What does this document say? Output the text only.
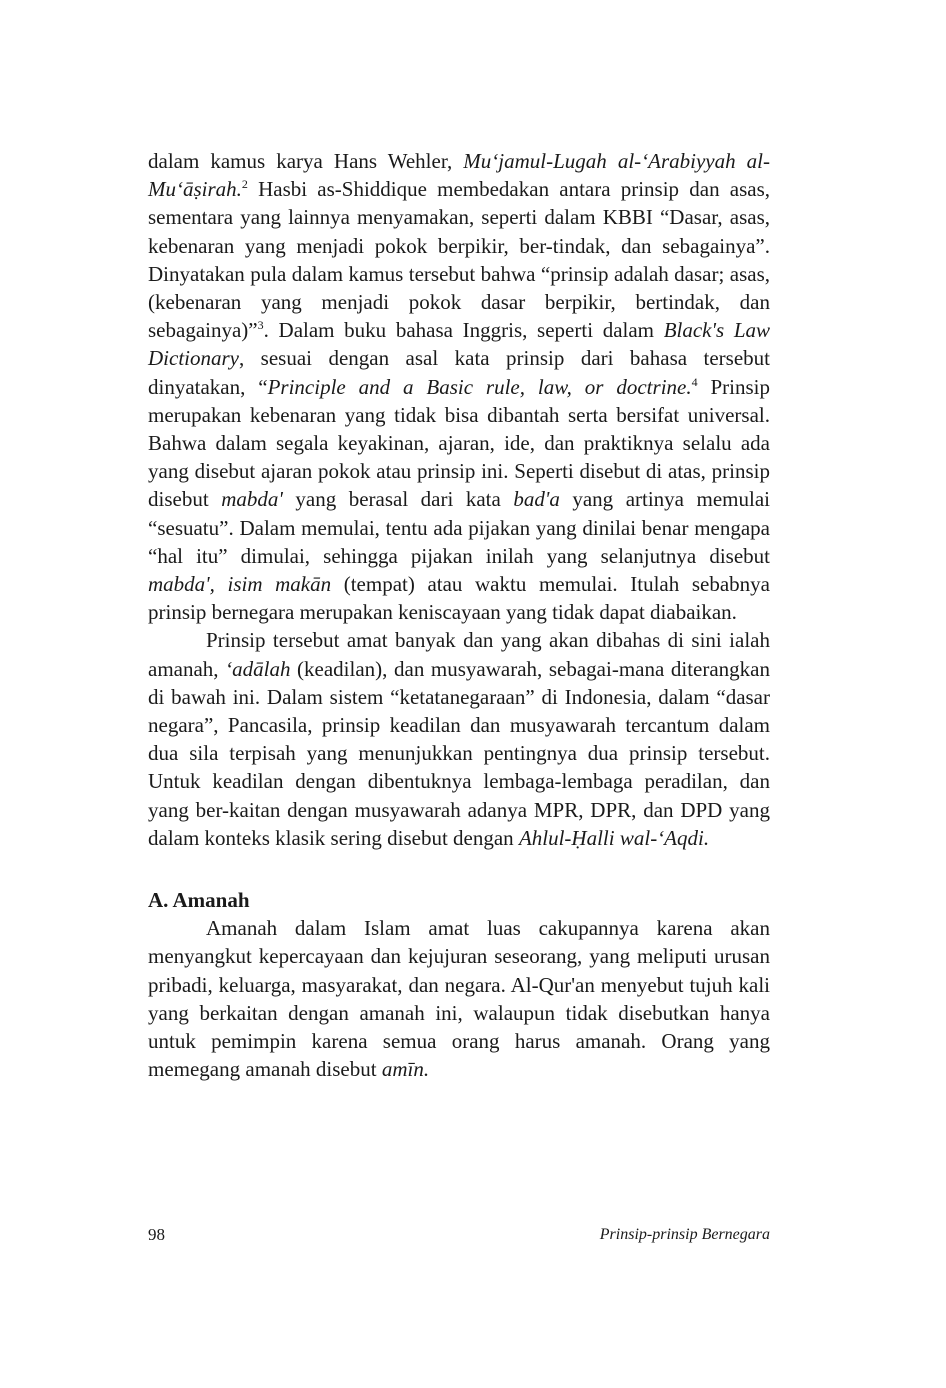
dalam kamus karya Hans Wehler, Mu‘jamul-Lugah al-‘Arabiyyah al-Mu‘āṣirah.$^2$ Hasbi as-Shiddique membedakan antara prinsip dan asas, sementara yang lainnya menyamakan, seperti dalam KBBI “Dasar, asas, kebenaran yang menjadi pokok berpikir, ber-tindak, dan sebagainya”. Dinyatakan pula dalam kamus tersebut bahwa “prinsip adalah dasar; asas, (kebenaran yang menjadi pokok dasar berpikir, bertindak, dan sebagainya)”$^3$. Dalam buku bahasa Inggris, seperti dalam Black's Law Dictionary, sesuai dengan asal kata prinsip dari bahasa tersebut dinyatakan, “Principle and a Basic rule, law, or doctrine.$^4$ Prinsip merupakan kebenaran yang tidak bisa dibantah serta bersifat universal. Bahwa dalam segala keyakinan, ajaran, ide, dan praktiknya selalu ada yang disebut ajaran pokok atau prinsip ini. Seperti disebut di atas, prinsip disebut mabda' yang berasal dari kata bad'a yang artinya memulai “sesuatu”. Dalam memulai, tentu ada pijakan yang dinilai benar mengapa “hal itu” dimulai, sehingga pijakan inilah yang selanjutnya disebut mabda', isim makān (tempat) atau waktu memulai. Itulah sebabnya prinsip bernegara merupakan keniscayaan yang tidak dapat diabaikan.

Prinsip tersebut amat banyak dan yang akan dibahas di sini ialah amanah, ‘adālah (keadilan), dan musyawarah, sebagai-mana diterangkan di bawah ini. Dalam sistem “ketatanegaraan” di Indonesia, dalam “dasar negara”, Pancasila, prinsip keadilan dan musyawarah tercantum dalam dua sila terpisah yang menunjukkan pentingnya dua prinsip tersebut. Untuk keadilan dengan dibentuknya lembaga-lembaga peradilan, dan yang ber-kaitan dengan musyawarah adanya MPR, DPR, dan DPD yang dalam konteks klasik sering disebut dengan Ahlul-Ḥalli wal-‘Aqdi.

A. Amanah

Amanah dalam Islam amat luas cakupannya karena akan menyangkut kepercayaan dan kejujuran seseorang, yang meliputi urusan pribadi, keluarga, masyarakat, dan negara. Al-Qur'an menyebut tujuh kali yang berkaitan dengan amanah ini, walaupun tidak disebutkan hanya untuk pemimpin karena semua orang harus amanah. Orang yang memegang amanah disebut amīn.

98	Prinsip-prinsip Bernegara
